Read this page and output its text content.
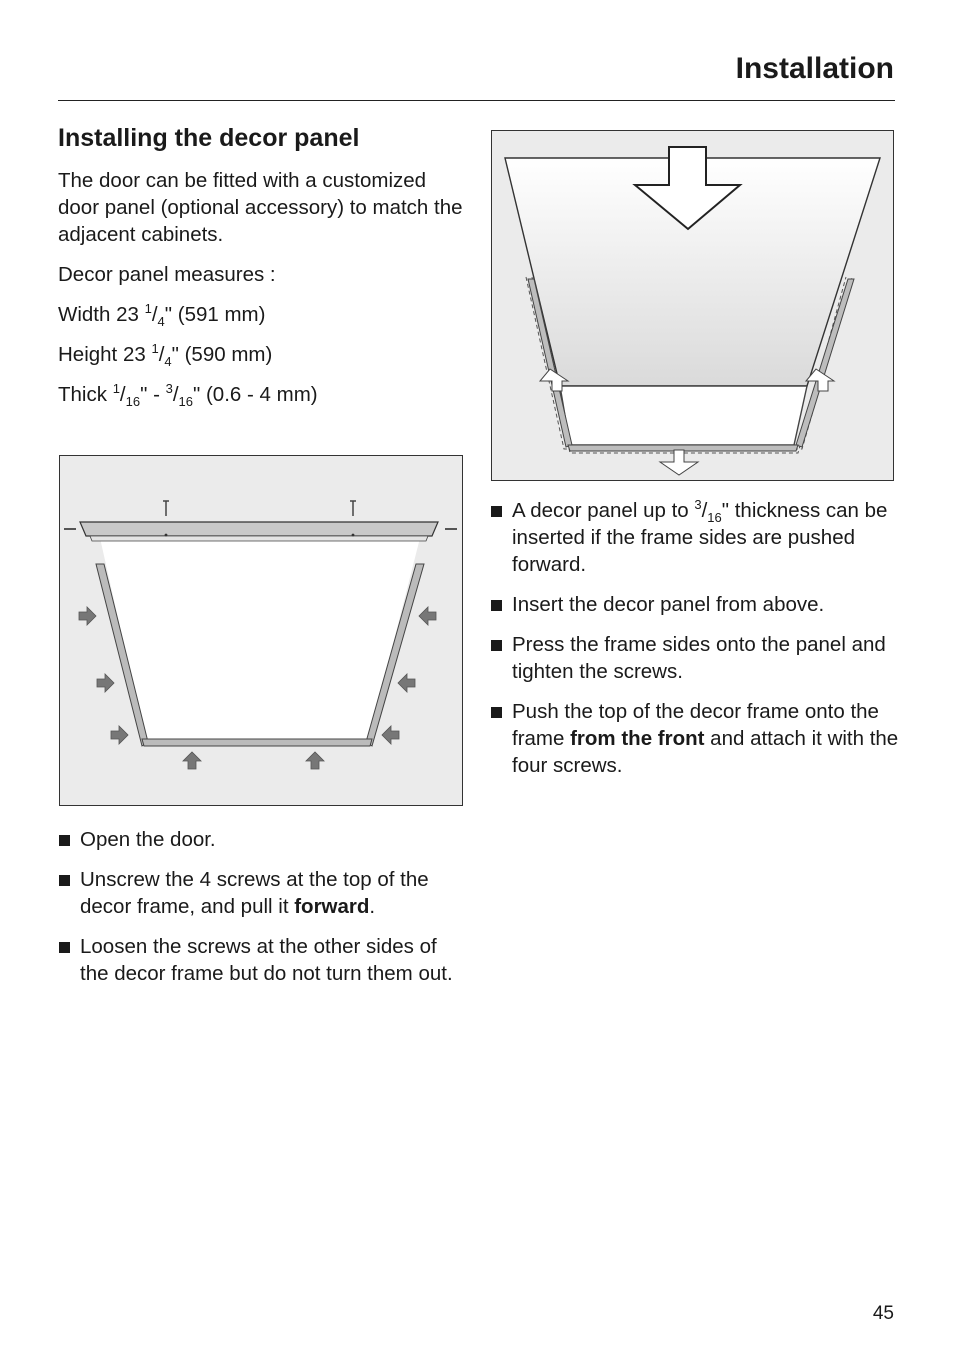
Installation
Installing the decor panel

The door can be fitted with a customized door panel (optional accessory) to match the adjacent cabinets.

Decor panel measures :

Width 23 $^1/_4$" (591 mm)

Height 23 $^1/_4$" (590 mm)

Thick $^1/_{16}$" - $^3/_{16}$" (0.6 - 4 mm)

Open the door.
Unscrew the 4 screws at the top of the decor frame, and pull it forward.
Loosen the screws at the other sides of the decor frame but do not turn them out.
A decor panel up to $^3/_{16}$" thickness can be inserted if the frame sides are pushed forward.
Insert the decor panel from above.
Press the frame sides onto the panel and tighten the screws.
Push the top of the decor frame onto the frame from the front and attach it with the four screws.
45
